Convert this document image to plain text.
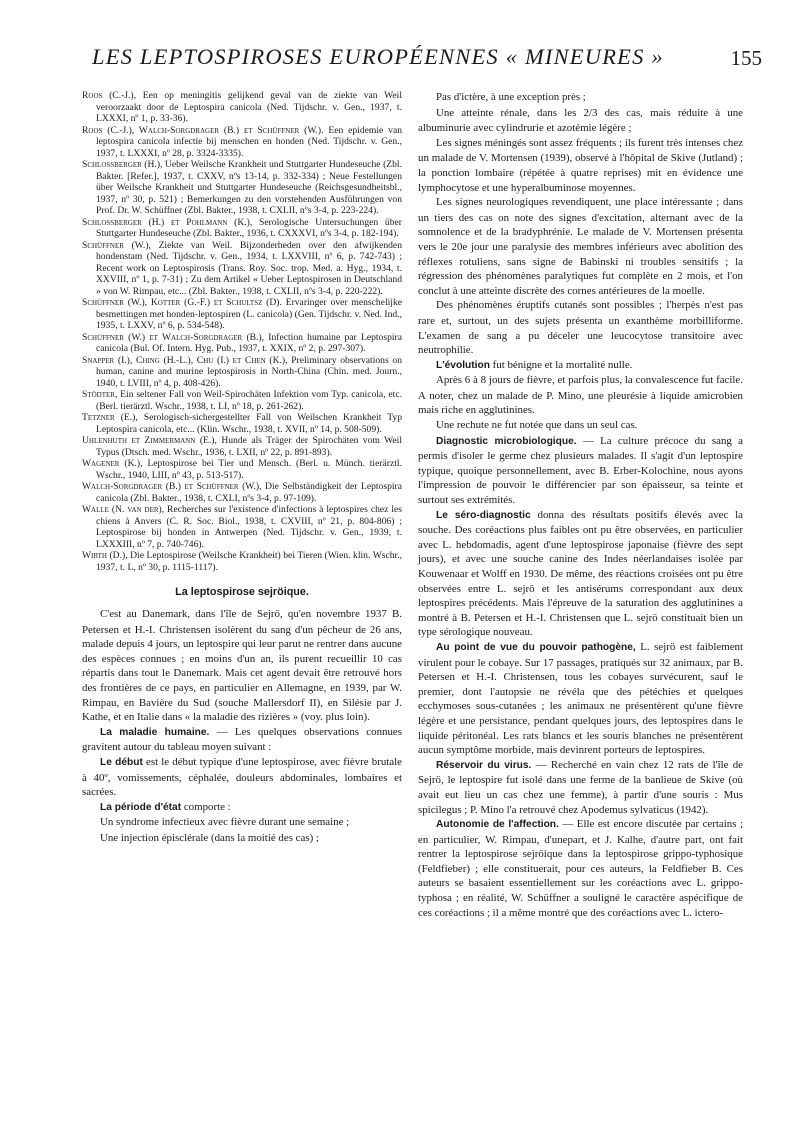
LES LEPTOSPIROSES EUROPÉENNES « MINEURES »	155

Roos (C.-J.), Een op meningitis gelijkend geval van de ziekte van Weil veroorzaakt door de Leptospira canicola (Ned. Tijdschr. v. Gen., 1937, t. LXXXI, nº 1, p. 33-36).

Roos (C.-J.), Walch-Sorgdrager (B.) et Schüffner (W.). Een epidemie van leptospira canicola infectie bij menschen en honden (Ned. Tijdschr. v. Gen., 1937, t. LXXXI, nº 28, p. 3324-3335).

Schlossberger (H.), Ueber Weilsche Krankheit und Stuttgarter Hundeseuche (Zbl. Bakter. [Refer.], 1937, t. CXXV, nºs 13-14, p. 332-334) ; Neue Festellungen über Weilsche Krankheit und Stuttgarter Hundeseuche (Reichsgesundheitsbl., 1937, nº 30, p. 521) ; Bemerkungen zu den vorstehenden Ausführungen von Prof. Dr. W. Schüffner (Zbl. Bakter., 1938, t. CXLII, nºs 3-4, p. 223-224).

Schlossberger (H.) et Pohlmann (K.), Serologische Untersuchungen über Stuttgarter Hundeseuche (Zbl. Bakter., 1936, t. CXXXVI, nºs 3-4, p. 182-194).

Schüffner (W.), Ziekte van Weil. Bijzonderheden over den afwijkenden hondenstam (Ned. Tijdschr. v. Gen., 1934, t. LXXVIII, nº 6, p. 742-743) ; Recent work on Leptospirosis (Trans. Roy. Soc. trop. Med. a. Hyg., 1934, t. XXVIII, nº 1, p. 7-31) ; Zu dem Artikel « Ueber Leptospirosen in Deutschland » von W. Rimpau, etc... (Zbl. Bakter., 1938, t. CXLII, nºs 3-4, p. 220-222).

Schüffner (W.), Kotter (G.-F.) et Schultsz (D). Ervaringer over menschelijke besmettingen met honden-leptospiren (L. canicola) (Gen. Tijdschr. v. Ned. Ind., 1935, t. LXXV, nº 6, p. 534-548).

Schüffner (W.) et Walch-Sorgdrager (B.), Infection humaine par Leptospira canicola (Bul. Of. Intern. Hyg. Pub., 1937, t. XXIX, nº 2, p. 297-307).

Snapper (I.), Ching (H.-L.), Chu (I.) et Chen (K.), Preliminary observations on human, canine and murine leptospirosis in North-China (Chin. med. Journ., 1940, t. LVIII, nº 4, p. 408-426).

Stödter, Ein seltener Fall von Weil-Spirochäten Infektion vom Typ. canicola, etc. (Berl. tierärztl. Wschr., 1938, t. LI, nº 18, p. 261-262).

Tetzner (E.), Serologisch-sichergestellter Fall von Weilschen Krankheit Typ Leptospira canicola, etc... (Klin. Wschr., 1938, t. XVII, nº 14, p. 508-509).

Uhlenhuth et Zimmermann (E.), Hunde als Träger der Spirochäten vom Weil Typus (Dtsch. med. Wschr., 1936, t. LXII, nº 22, p. 891-893).

Wagener (K.), Leptospirose bei Tier und Mensch. (Berl. u. Münch. tierärztl. Wschr., 1940, LIII, nº 43, p. 513-517).

Walch-Sorgdrager (B.) et Schüffner (W.), Die Selbständigkeit der Leptospira canicola (Zbl. Bakter., 1938, t. CXLI, nºs 3-4, p. 97-109).

Walle (N. van der), Recherches sur l'existence d'infections à leptospires chez les chiens à Anvers (C. R. Soc. Biol., 1938, t. CXVIII, nº 21, p. 804-806) ; Leptospirose bij honden in Antwerpen (Ned. Tijdschr. v. Gen., 1939, t. LXXXIII, nº 7, p. 740-746).

Wirth (D.), Die Leptospirose (Weilsche Krankheit) bei Tieren (Wien. klin. Wschr., 1937, t. L, nº 30, p. 1115-1117).

La leptospirose sejröique.

C'est au Danemark, dans l'île de Sejrö, qu'en novembre 1937 B. Petersen et H.-I. Christensen isolèrent du sang d'un pêcheur de 26 ans, malade depuis 4 jours, un leptospire qui leur parut ne rentrer dans aucune des espèces connues ; en moins d'un an, ils purent recueillir 10 cas répartis dans tout le Danemark. Mais cet agent devait être retrouvé hors des frontières de ce pays, en particulier en Allemagne, en 1939, par W. Rimpau, en Bavière du Sud (souche Mallersdorf II), en Silésie par J. Kathe, et en Italie dans « la maladie des rizières » (voy. plus loin).

La maladie humaine. — Les quelques observations connues gravitent autour du tableau moyen suivant :

Le début est le début typique d'une leptospirose, avec fièvre brutale à 40º, vomissements, céphalée, douleurs abdominales, lombaires et sacrées.

La période d'état comporte :

Un syndrome infectieux avec fièvre durant une semaine ;

Une injection épisclérale (dans la moitié des cas) ;

Pas d'ictère, à une exception près ;

Une atteinte rénale, dans les 2/3 des cas, mais réduite à une albuminurie avec cylindrurie et azotémie légère ;

Les signes méningés sont assez fréquents ; ils furent très intenses chez un malade de V. Mortensen (1939), observé à l'hôpital de Skive (Jutland) ; la ponction lombaire (répétée à quatre reprises) mit en évidence une lymphocytose et une hyperalbuminose moyennes.

Les signes neurologiques revendiquent, une place intéressante ; dans un tiers des cas on note des signes d'excitation, alternant avec de la somnolence et de la bradyphrénie. Le malade de V. Mortensen présenta vers le 20e jour une paralysie des membres inférieurs avec abolition des réflexes rotuliens, sans signe de Babinski ni troubles sensitifs ; la régression des phénomènes paralytiques fut complète en 2 mois, et l'on conclut à une atteinte discrète des cornes antérieures de la moelle.

Des phénomènes éruptifs cutanés sont possibles ; l'herpès n'est pas rare et, surtout, un des sujets présenta un exanthème morbilliforme. L'examen de sang a pu déceler une leucocytose transitoire avec neutrophilie.

L'évolution fut bénigne et la mortalité nulle.

Après 6 à 8 jours de fièvre, et parfois plus, la convalescence fut facile. A noter, chez un malade de P. Mino, une pleurésie à liquide amicrobien mais riche en agglutinines.

Une rechute ne fut notée que dans un seul cas.

Diagnostic microbiologique. — La culture précoce du sang a permis d'isoler le germe chez plusieurs malades. Il s'agit d'un leptospire typique, quoique personnellement, avec B. Erber-Kolochine, nous ayons l'impression de pouvoir le différencier par son épaisseur, sa teinte et surtout ses extrémités.

Le séro-diagnostic donna des résultats positifs élevés avec la souche. Des coréactions plus faibles ont pu être observées, en particulier avec L. hebdomadis, agent d'une leptospirose japonaise (fièvre des sept jours), et avec une souche canine des Indes néerlandaises isolée par Kouwenaar et Wolff en 1930. De même, des réactions croisées ont pu être observées entre L. sejrö et les antisérums correspondant aux deux leptospires précédents. Mais l'épreuve de la saturation des agglutinines a montré à B. Petersen et H.-I. Christensen que L. sejrö constituait bien un type sérologique nouveau.

Au point de vue du pouvoir pathogène, L. sejrö est faiblement virulent pour le cobaye. Sur 17 passages, pratiqués sur 32 animaux, par B. Petersen et H.-I. Christensen, tous les cobayes survécurent, sauf le premier, dont l'autopsie ne révéla que des pétéchies et quelques ecchymoses sous-cutanées ; les animaux ne présentèrent qu'une fièvre légère et une persistance, pendant quelques jours, des leptospires dans le liquide péritonéal. Les rats blancs et les souris blanches ne présentèrent aucun symptôme morbide, mais devinrent porteurs de leptospires.

Réservoir du virus. — Recherché en vain chez 12 rats de l'île de Sejrö, le leptospire fut isolé dans une ferme de la banlieue de Skive (où avait eut lieu un cas chez une femme), à partir d'une souris : Mus spicilegus ; P. Mino l'a retrouvé chez Apodemus sylvaticus (1942).

Autonomie de l'affection. — Elle est encore discutée par certains ; en particulier, W. Rimpau, d'unepart, et J. Kalhe, d'autre part, ont fait rentrer la leptospirose sejröique dans la leptospirose grippo-typhosique (Feldfieber) ; elle constituerait, pour ces auteurs, la Feldfieber B. Ces auteurs se basaient essentiellement sur les coréactions avec L. grippo-typhosa ; en réalité, W. Schüffner a souligné le caractère aspécifique de ces coréactions ; il a même montré que des coréactions avec L. ictero-
